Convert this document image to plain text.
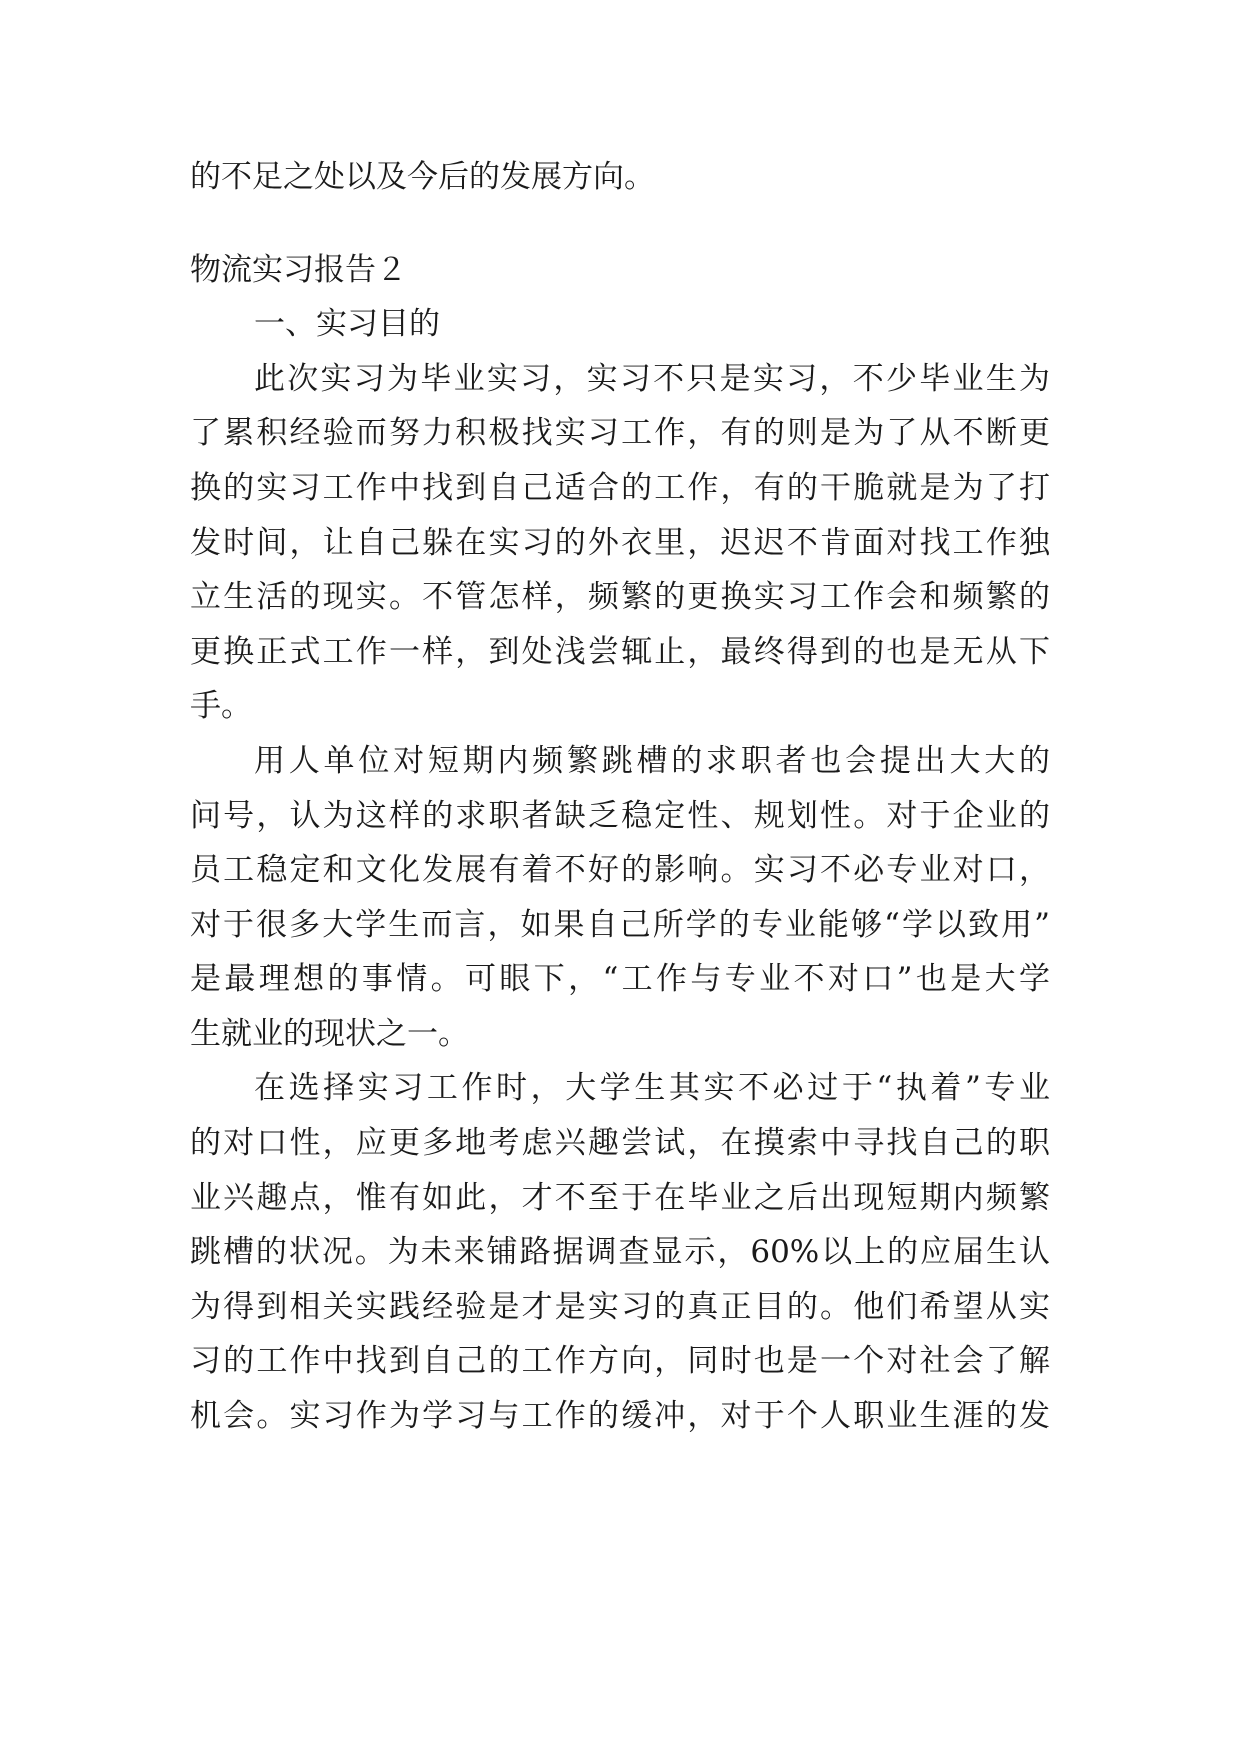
的不足之处以及今后的发展方向。
物流实习报告２
一、实习目的
此次实习为毕业实习，实习不只是实习，不少毕业生为
了累积经验而努力积极找实习工作，有的则是为了从不断更
换的实习工作中找到自己适合的工作，有的干脆就是为了打
发时间，让自己躲在实习的外衣里，迟迟不肯面对找工作独
立生活的现实。不管怎样，频繁的更换实习工作会和频繁的
更换正式工作一样，到处浅尝辄止，最终得到的也是无从下
手。
用人单位对短期内频繁跳槽的求职者也会提出大大的
问号，认为这样的求职者缺乏稳定性、规划性。对于企业的
员工稳定和文化发展有着不好的影响。实习不必专业对口，
对于很多大学生而言，如果自己所学的专业能够“学以致用”
是最理想的事情。可眼下，“工作与专业不对口”也是大学
生就业的现状之一。
在选择实习工作时，大学生其实不必过于“执着”专业
的对口性，应更多地考虑兴趣尝试，在摸索中寻找自己的职
业兴趣点，惟有如此，才不至于在毕业之后出现短期内频繁
跳槽的状况。为未来铺路据调查显示，60%以上的应届生认
为得到相关实践经验是才是实习的真正目的。他们希望从实
习的工作中找到自己的工作方向，同时也是一个对社会了解
机会。实习作为学习与工作的缓冲，对于个人职业生涯的发
